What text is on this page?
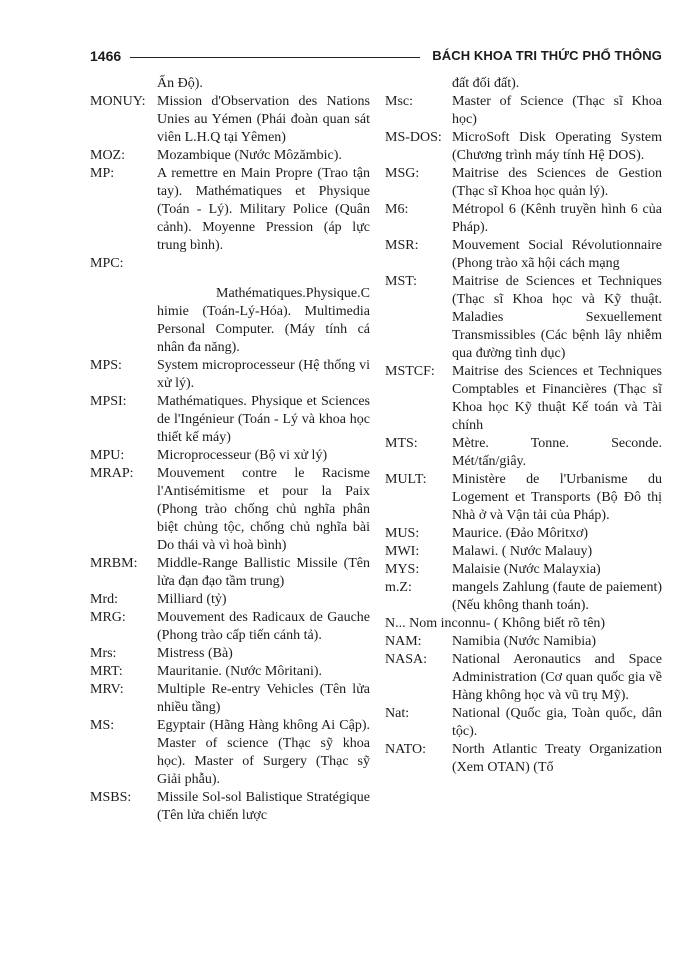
1466	BÁCH KHOA TRI THỨC PHỔ THÔNG
Ấn Độ).
MONUY: Mission d'Observation des Nations Unies au Yémen (Phái đoàn quan sát viên L.H.Q tại Yêmen)
MOZ: Mozambique (Nước Môzămbic).
MP:	A remettre en Main Propre (Trao tận tay). Mathématiques et Physique (Toán - Lý). Military Police (Quân cảnh). Moyenne Pression (áp lực trung bình).
MPC:
Mathématiques.Physique.C
himie (Toán-Lý-Hóa). Multimedia Personal Computer. (Máy tính cá nhân đa năng).
MPS:	System microprocesseur (Hệ thống vi xử lý).
MPSI: Mathématiques. Physique et Sciences de l'Ingénieur (Toán - Lý và khoa học thiết kế máy)
MPU: Microprocesseur (Bộ vi xử lý)
MRAP: Mouvement contre le Racisme l'Antisémitisme et pour la Paix (Phong trào chống chủ nghĩa phân biệt chủng tộc, chống chủ nghĩa bài Do thái và vì hoà bình)
MRBM: Middle-Range Ballistic Missile (Tên lửa đạn đạo tầm trung)
Mrd:	Milliard (tỷ)
MRG: Mouvement des Radicaux de Gauche (Phong trào cấp tiến cánh tả).
Mrs:	Mistress (Bà)
MRT: Mauritanie. (Nước Môritani).
MRV: Multiple Re-entry Vehicles (Tên lửa nhiều tầng)
MS:	Egyptair (Hãng Hàng không Ai Cập). Master of science (Thạc sỹ khoa học). Master of Surgery (Thạc sỹ Giải phẫu).
MSBS: Missile Sol-sol Balistique Stratégique (Tên lửa chiến lược
đất đối đất).
Msc:	Master of Science (Thạc sĩ Khoa học)
MS-DOS: MicroSoft Disk Operating System (Chương trình máy tính Hệ DOS).
MSG: Maitrise des Sciences de Gestion (Thạc sĩ Khoa học quản lý).
M6:	Métropol 6 (Kênh truyền hình 6 của Pháp).
MSR: Mouvement Social Révolutionnaire (Phong trào xã hội cách mạng
MST:	Maitrise de Sciences et Techniques (Thạc sĩ Khoa học và Kỹ thuật. Maladies Sexuellement Transmissibles (Các bệnh lây nhiễm qua đường tình dục)
MSTCF: Maitrise des Sciences et Techniques Comptables et Financières (Thạc sĩ Khoa học Kỹ thuật Kế toán và Tài chính
MTS: Mètre. Tonne. Seconde. Mét/tấn/giây.
MULT: Ministère de l'Urbanisme du Logement et Transports (Bộ Đô thị Nhà ở và Vận tải của Pháp).
MUS: Maurice. (Đảo Môritxơ)
MWI: Malawi. ( Nước Malauy)
MYS: Malaisie (Nước Malayxia)
m.Z:	mangels Zahlung (faute de paiement) (Nếu không thanh toán).
N... Nom inconnu- ( Không biết rõ tên)
NAM: Namibia (Nước Namibia)
NASA: National Aeronautics and Space Administration (Cơ quan quốc gia về Hàng không học và vũ trụ Mỹ).
Nat:	National (Quốc gia, Toàn quốc, dân tộc).
NATO: North Atlantic Treaty Organization (Xem OTAN) (Tổ
